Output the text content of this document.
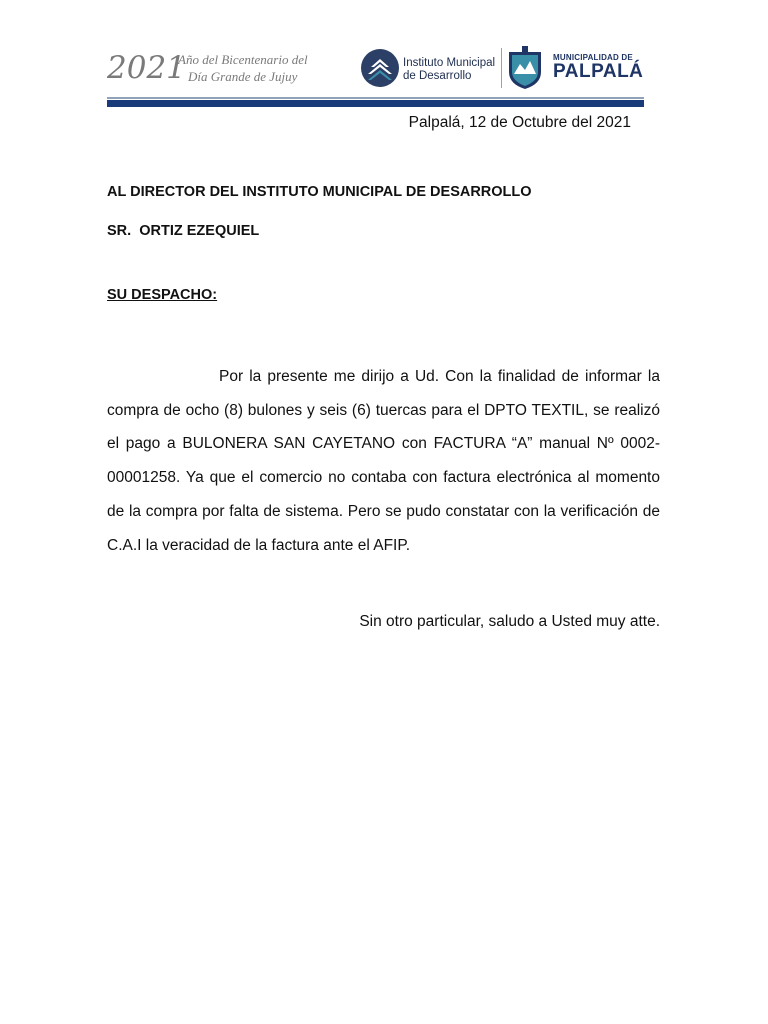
2021
Año del Bicentenario del
Día Grande de Jujuy
Instituto Municipal
de Desarrollo
MUNICIPALIDAD DE
PALPALÁ
Palpalá, 12 de Octubre del 2021
AL DIRECTOR DEL INSTITUTO MUNICIPAL DE DESARROLLO
SR.  ORTIZ EZEQUIEL
SU DESPACHO:
Por la presente me dirijo a Ud. Con la finalidad de informar la compra de ocho (8) bulones y seis (6) tuercas para el DPTO TEXTIL, se realizó el pago a BULONERA SAN CAYETANO con FACTURA “A” manual Nº 0002-00001258. Ya que el comercio no contaba con factura electrónica al momento de la compra por falta de sistema. Pero se pudo constatar con la verificación de C.A.I la veracidad de la factura ante el AFIP.
Sin otro particular, saludo a Usted muy atte.
